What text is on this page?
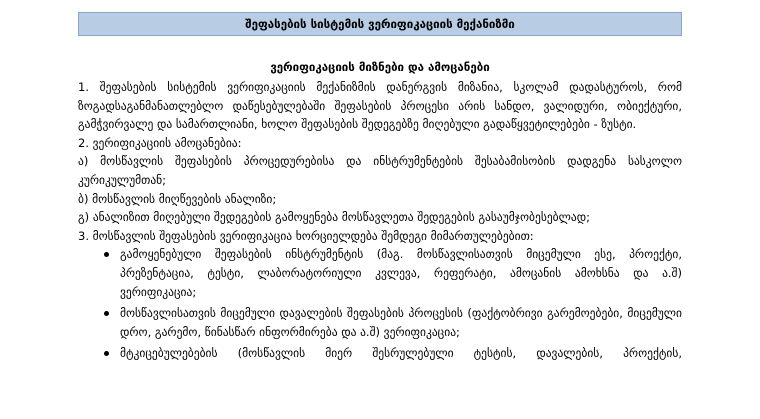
შეფასების სისტემის ვერიფიკაციის მექანიზმი
ვერიფიკაციის მიზნები და ამოცანები

1. შეფასების სისტემის ვერიფიკაციის მექანიზმის დანერგვის მიზანია, სკოლამ დადასტუროს, რომ ზოგადსაგანმანათლებლო დაწესებულებაში შეფასების პროცესი არის სანდო, ვალიდური, ობიექტური, გამჭვირვალე და სამართლიანი, ხოლო შეფასების შედეგებზე მიღებული გადაწყვეტილებები - ზუსტი.

2. ვერიფიკაციის ამოცანებია:

ა) მოსწავლის შეფასების პროცედურებისა და ინსტრუმენტების შესაბამისობის დადგენა სასკოლო კურიკულუმთან;

ბ) მოსწავლის მიღწევების ანალიზი;

გ) ანალიზით მიღებული შედეგების გამოყენება მოსწავლეთა შედეგების გასაუმჯობესებლად;

3. მოსწავლის შეფასების ვერიფიკაცია ხორციელდება შემდეგი მიმართულებებით:

გამოყენებული შეფასების ინსტრუმენტის (მაგ. მოსწავლისათვის მიცემული ესე, პროექტი, პრეზენტაცია, ტესტი, ლაბორატორიული კვლევა, რეფერატი, ამოცანის ამოხსნა და ა.შ) ვერიფიკაცია;
მოსწავლისათვის მიცემული დავალების შეფასების პროცესის (ფაქტობრივი გარემოებები, მიცემული დრო, გარემო, წინასწარ ინფორმირება და ა.შ) ვერიფიკაცია;
მტკიცებულებების (მოსწავლის მიერ შესრულებული ტესტის, დავალების, პროექტის,
